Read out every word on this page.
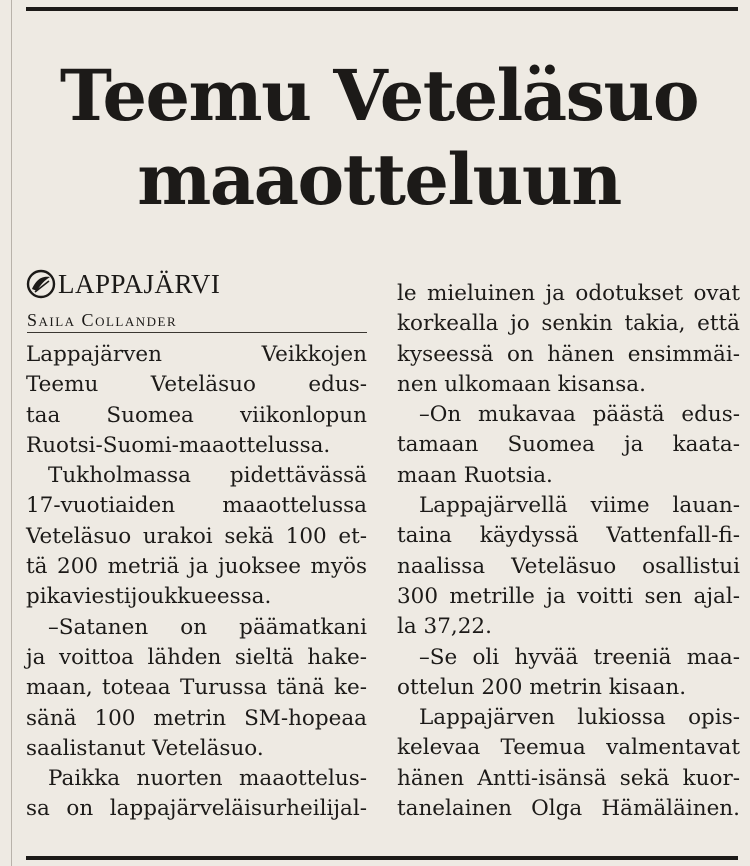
Teemu Veteläsuo
maaotteluun
LAPPAJÄRVI
Saila Collander
Lappajärven Veikkojen
Teemu Veteläsuo edus-
taa Suomea viikonlopun
Ruotsi-Suomi-maaottelussa.
Tukholmassa pidettävässä
17-vuotiaiden maaottelussa
Veteläsuo urakoi sekä 100 et-
tä 200 metriä ja juoksee myös
pikaviestijoukkueessa.
–Satanen on päämatkani
ja voittoa lähden sieltä hake-
maan, toteaa Turussa tänä ke-
sänä 100 metrin SM-hopeaa
saalistanut Veteläsuo.
Paikka nuorten maaottelus-
sa on lappajärveläisurheilijal-
le mieluinen ja odotukset ovat
korkealla jo senkin takia, että
kyseessä on hänen ensimmäi-
nen ulkomaan kisansa.
–On mukavaa päästä edus-
tamaan Suomea ja kaata-
maan Ruotsia.
Lappajärvellä viime lauan-
taina käydyssä Vattenfall-fi-
naalissa Veteläsuo osallistui
300 metrille ja voitti sen ajal-
la 37,22.
–Se oli hyvää treeniä maa-
ottelun 200 metrin kisaan.
Lappajärven lukiossa opis-
kelevaa Teemua valmentavat
hänen Antti-isänsä sekä kuor-
tanelainen Olga Hämäläinen.
